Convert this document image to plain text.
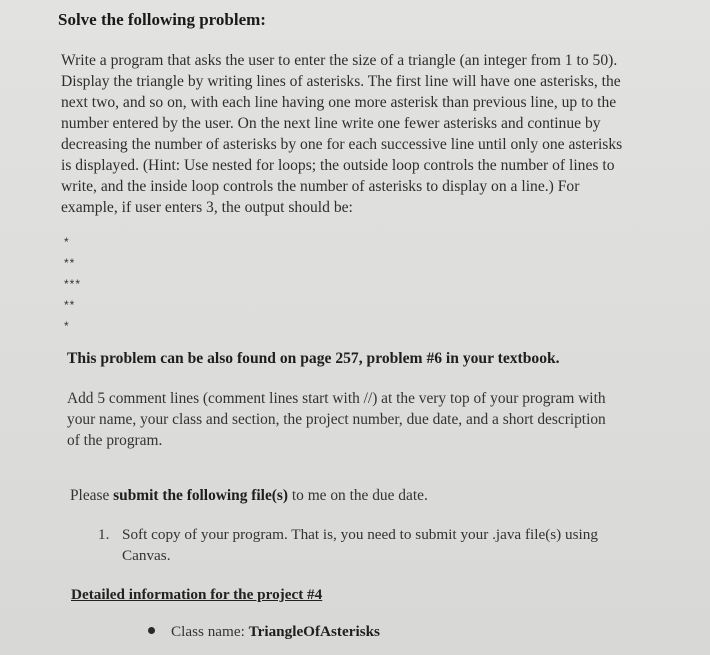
Solve the following problem:
Write a program that asks the user to enter the size of a triangle (an integer from 1 to 50).
Display the triangle by writing lines of asterisks. The first line will have one asterisks, the
next two, and so on, with each line having one more asterisk than previous line, up to the
number entered by the user. On the next line write one fewer asterisks and continue by
decreasing the number of asterisks by one for each successive line until only one asterisks
is displayed. (Hint: Use nested for loops; the outside loop controls the number of lines to
write, and the inside loop controls the number of asterisks to display on a line.) For
example, if user enters 3, the output should be:
*
**
***
**
*
This problem can be also found on page 257, problem #6 in your textbook.
Add 5 comment lines (comment lines start with //) at the very top of your program with
your name, your class and section, the project number, due date, and a short description
of the program.
Please submit the following file(s) to me on the due date.
1. Soft copy of your program. That is, you need to submit your .java file(s) using
Canvas.
Detailed information for the project #4
Class name: TriangleOfAsterisks
